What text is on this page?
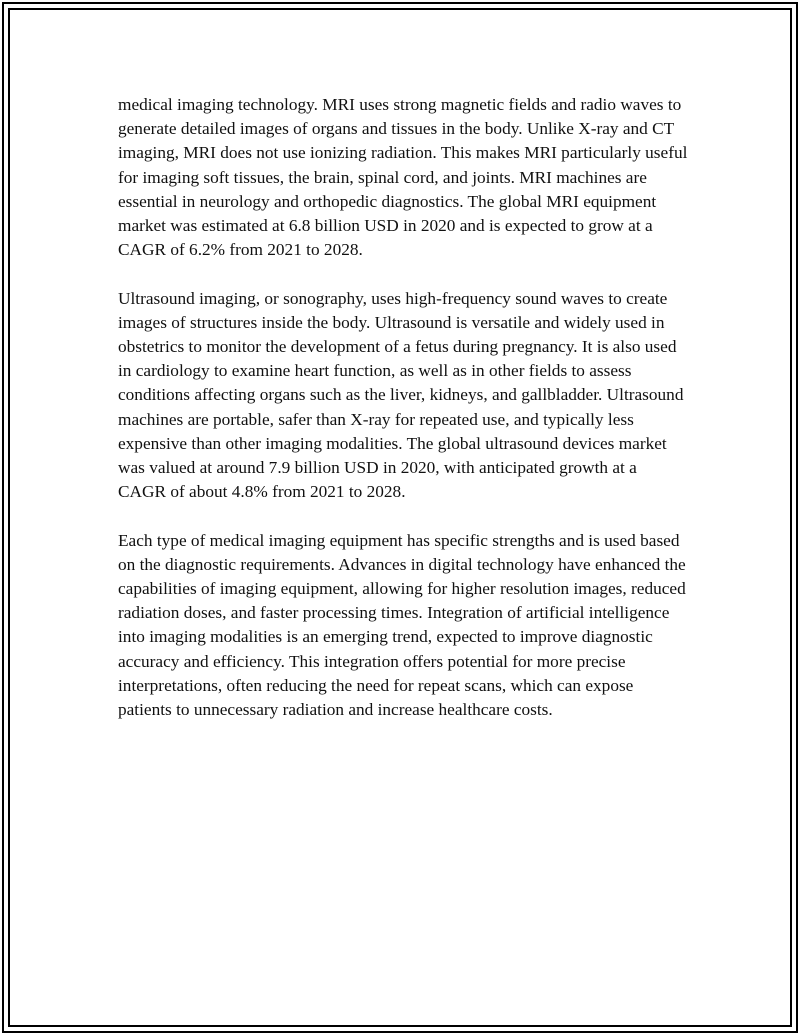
medical imaging technology. MRI uses strong magnetic fields and radio waves to generate detailed images of organs and tissues in the body. Unlike X-ray and CT imaging, MRI does not use ionizing radiation. This makes MRI particularly useful for imaging soft tissues, the brain, spinal cord, and joints. MRI machines are essential in neurology and orthopedic diagnostics. The global MRI equipment market was estimated at 6.8 billion USD in 2020 and is expected to grow at a CAGR of 6.2% from 2021 to 2028.

Ultrasound imaging, or sonography, uses high-frequency sound waves to create images of structures inside the body. Ultrasound is versatile and widely used in obstetrics to monitor the development of a fetus during pregnancy. It is also used in cardiology to examine heart function, as well as in other fields to assess conditions affecting organs such as the liver, kidneys, and gallbladder. Ultrasound machines are portable, safer than X-ray for repeated use, and typically less expensive than other imaging modalities. The global ultrasound devices market was valued at around 7.9 billion USD in 2020, with anticipated growth at a CAGR of about 4.8% from 2021 to 2028.

Each type of medical imaging equipment has specific strengths and is used based on the diagnostic requirements. Advances in digital technology have enhanced the capabilities of imaging equipment, allowing for higher resolution images, reduced radiation doses, and faster processing times. Integration of artificial intelligence into imaging modalities is an emerging trend, expected to improve diagnostic accuracy and efficiency. This integration offers potential for more precise interpretations, often reducing the need for repeat scans, which can expose patients to unnecessary radiation and increase healthcare costs.
